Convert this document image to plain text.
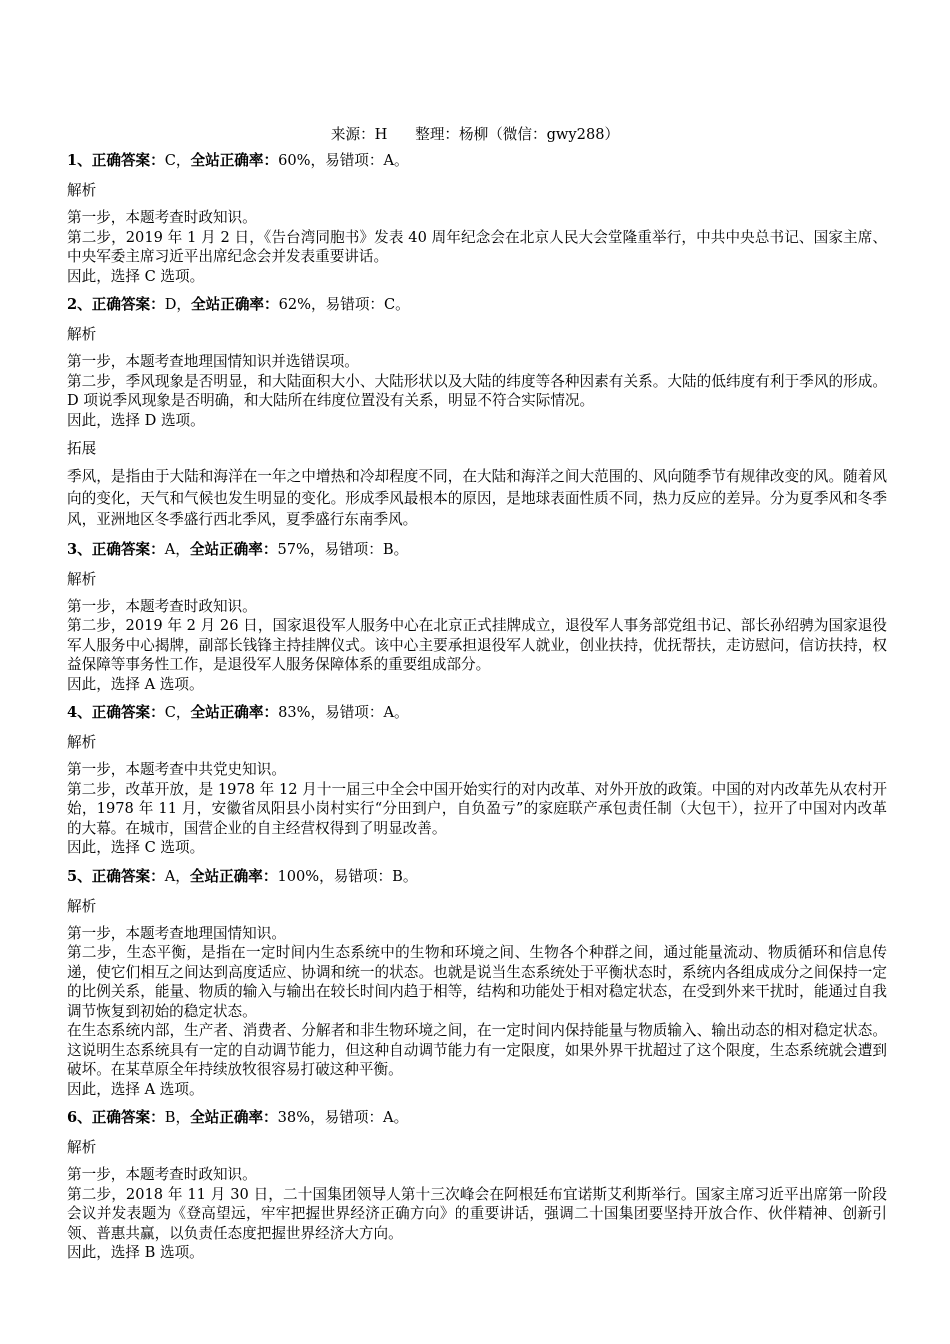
来源：H      整理：杨柳（微信：gwy288）
1、正确答案：C，全站正确率：60%，易错项：A。
解析
第一步，本题考查时政知识。
第二步，2019 年 1 月 2 日，《告台湾同胞书》发表 40 周年纪念会在北京人民大会堂隆重举行，中共中央总书记、国家主席、中央军委主席习近平出席纪念会并发表重要讲话。
因此，选择 C 选项。
2、正确答案：D，全站正确率：62%，易错项：C。
解析
第一步，本题考查地理国情知识并选错误项。
第二步，季风现象是否明显，和大陆面积大小、大陆形状以及大陆的纬度等各种因素有关系。大陆的低纬度有利于季风的形成。D 项说季风现象是否明确，和大陆所在纬度位置没有关系，明显不符合实际情况。
因此，选择 D 选项。
拓展
季风，是指由于大陆和海洋在一年之中增热和冷却程度不同，在大陆和海洋之间大范围的、风向随季节有规律改变的风。随着风向的变化，天气和气候也发生明显的变化。形成季风最根本的原因，是地球表面性质不同，热力反应的差异。分为夏季风和冬季风，亚洲地区冬季盛行西北季风，夏季盛行东南季风。
3、正确答案：A，全站正确率：57%，易错项：B。
解析
第一步，本题考查时政知识。
第二步，2019 年 2 月 26 日，国家退役军人服务中心在北京正式挂牌成立，退役军人事务部党组书记、部长孙绍骋为国家退役军人服务中心揭牌，副部长钱锋主持挂牌仪式。该中心主要承担退役军人就业，创业扶持，优抚帮扶，走访慰问，信访扶持，权益保障等事务性工作，是退役军人服务保障体系的重要组成部分。
因此，选择 A 选项。
4、正确答案：C，全站正确率：83%，易错项：A。
解析
第一步，本题考查中共党史知识。
第二步，改革开放，是 1978 年 12 月十一届三中全会中国开始实行的对内改革、对外开放的政策。中国的对内改革先从农村开始，1978 年 11 月，安徽省凤阳县小岗村实行“分田到户，自负盈亏”的家庭联产承包责任制（大包干），拉开了中国对内改革的大幕。在城市，国营企业的自主经营权得到了明显改善。
因此，选择 C 选项。
5、正确答案：A，全站正确率：100%，易错项：B。
解析
第一步，本题考查地理国情知识。
第二步，生态平衡，是指在一定时间内生态系统中的生物和环境之间、生物各个种群之间，通过能量流动、物质循环和信息传递，使它们相互之间达到高度适应、协调和统一的状态。也就是说当生态系统处于平衡状态时，系统内各组成成分之间保持一定的比例关系，能量、物质的输入与输出在较长时间内趋于相等，结构和功能处于相对稳定状态，在受到外来干扰时，能通过自我调节恢复到初始的稳定状态。
在生态系统内部，生产者、消费者、分解者和非生物环境之间，在一定时间内保持能量与物质输入、输出动态的相对稳定状态。这说明生态系统具有一定的自动调节能力，但这种自动调节能力有一定限度，如果外界干扰超过了这个限度，生态系统就会遭到破坏。在某草原全年持续放牧很容易打破这种平衡。
因此，选择 A 选项。
6、正确答案：B，全站正确率：38%，易错项：A。
解析
第一步，本题考查时政知识。
第二步，2018 年 11 月 30 日，二十国集团领导人第十三次峰会在阿根廷布宜诺斯艾利斯举行。国家主席习近平出席第一阶段会议并发表题为《登高望远，牢牢把握世界经济正确方向》的重要讲话，强调二十国集团要坚持开放合作、伙伴精神、创新引领、普惠共赢，以负责任态度把握世界经济大方向。
因此，选择 B 选项。
